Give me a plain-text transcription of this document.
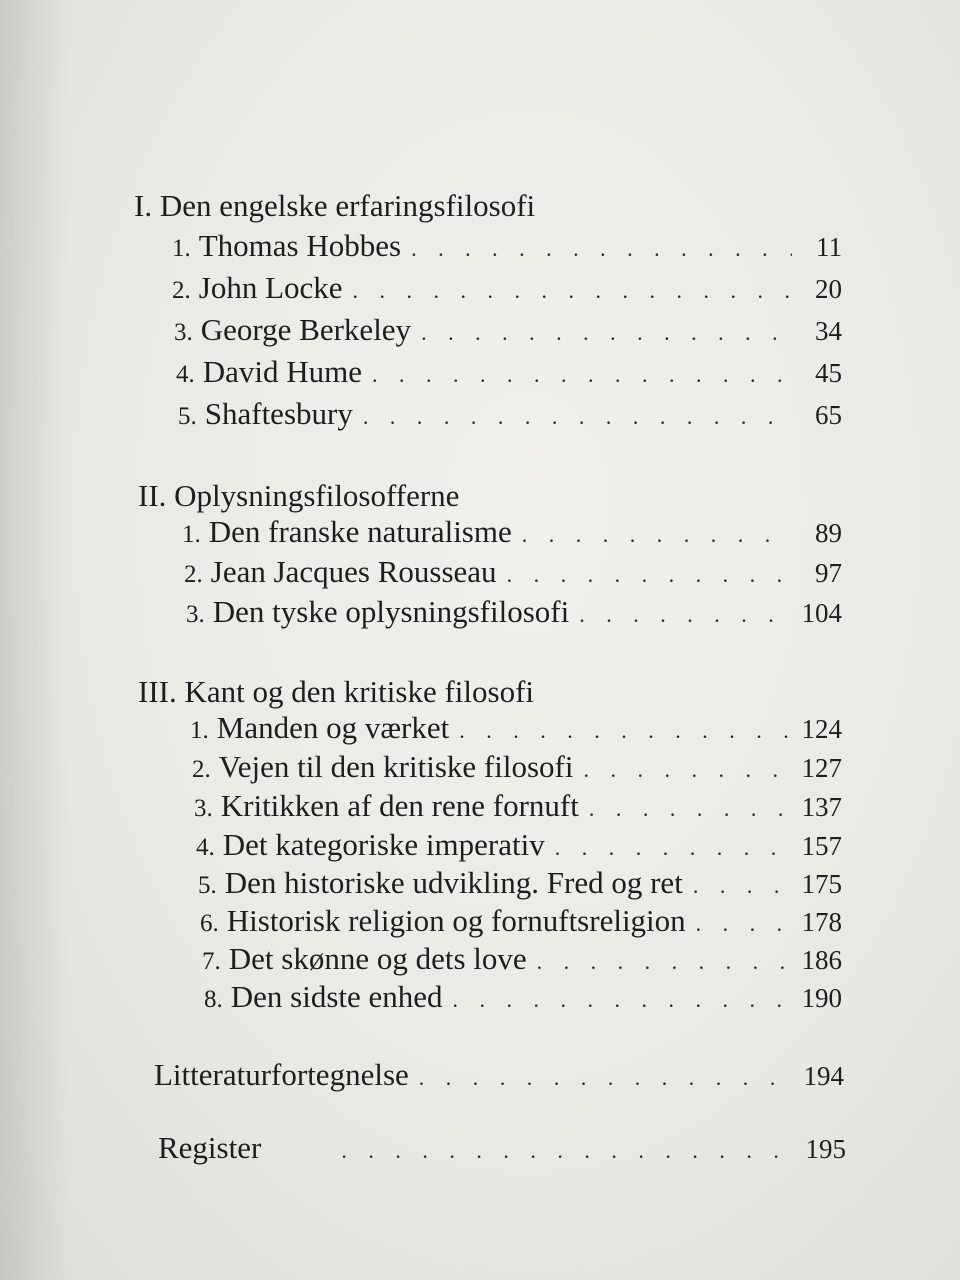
I. Den engelske erfaringsfilosofi
1. Thomas Hobbes . . .	11
2. John Locke . . .	20
3. George Berkeley . . .	34
4. David Hume . . .	45
5. Shaftesbury . . .	65
II. Oplysningsfilosofferne
1. Den franske naturalisme . . .	89
2. Jean Jacques Rousseau . . .	97
3. Den tyske oplysningsfilosofi . . .	104
III. Kant og den kritiske filosofi
1. Manden og værket . . .	124
2. Vejen til den kritiske filosofi . . .	127
3. Kritikken af den rene fornuft . . .	137
4. Det kategoriske imperativ . . .	157
5. Den historiske udvikling. Fred og ret . . .	175
6. Historisk religion og fornuftsreligion . . .	178
7. Det skønne og dets love . . .	186
8. Den sidste enhed . . .	190
Litteraturfortegnelse . . .	194
Register . . .	195
